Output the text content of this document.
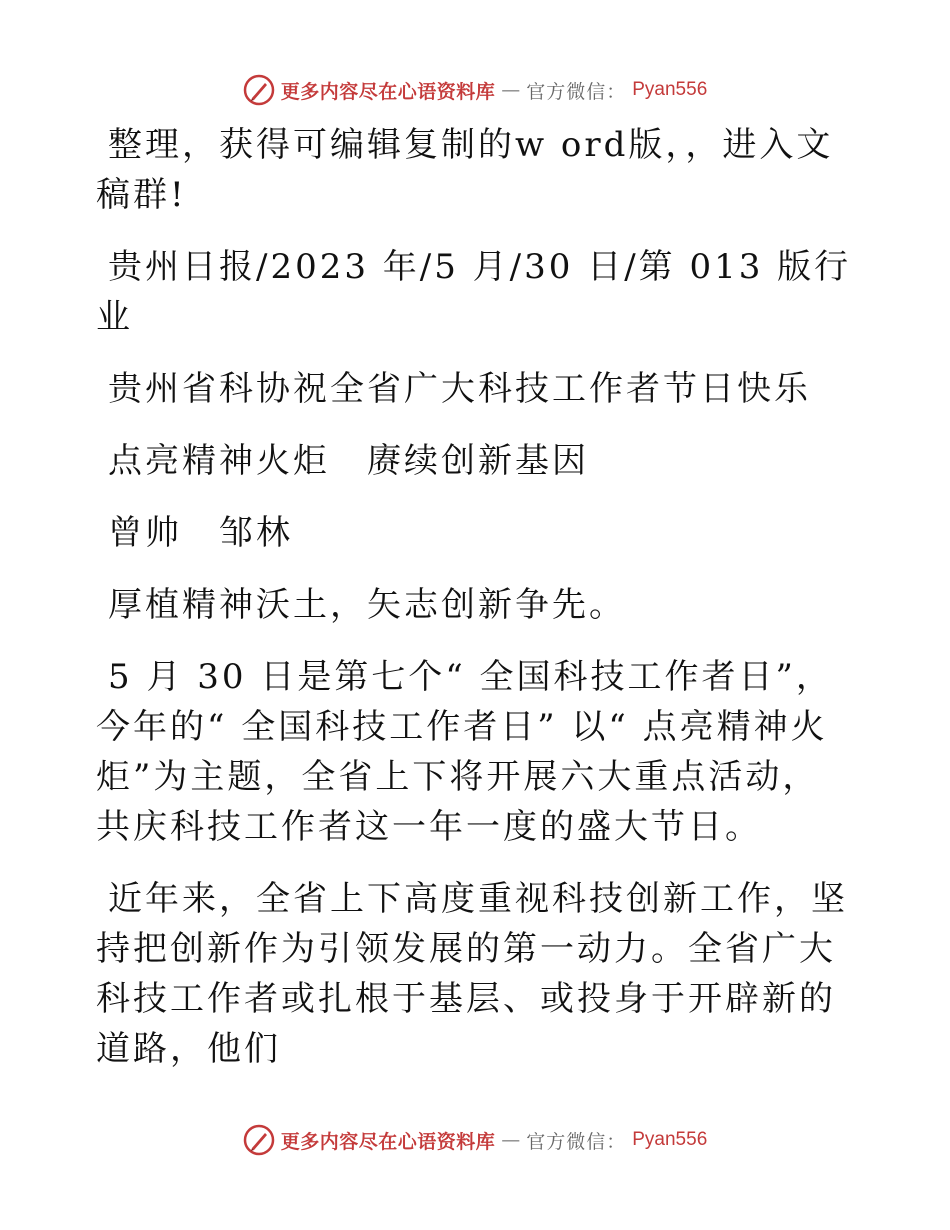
更多内容尽在心语资料库 — 官方微信： Pyan556

整理，获得可编辑复制的w ord版，，进入文稿群!

贵州日报/2023 年/5 月/30 日/第 013 版行业

贵州省科协祝全省广大科技工作者节日快乐

点亮精神火炬　赓续创新基因

曾帅　邹林

厚植精神沃土，矢志创新争先。

5 月 30 日是第七个“ 全国科技工作者日”，今年的“ 全国科技工作者日” 以“ 点亮精神火炬”为主题，全省上下将开展六大重点活动，共庆科技工作者这一年一度的盛大节日。

近年来，全省上下高度重视科技创新工作，坚持把创新作为引领发展的第一动力。全省广大科技工作者或扎根于基层、或投身于开辟新的道路，他们

更多内容尽在心语资料库 — 官方微信： Pyan556
